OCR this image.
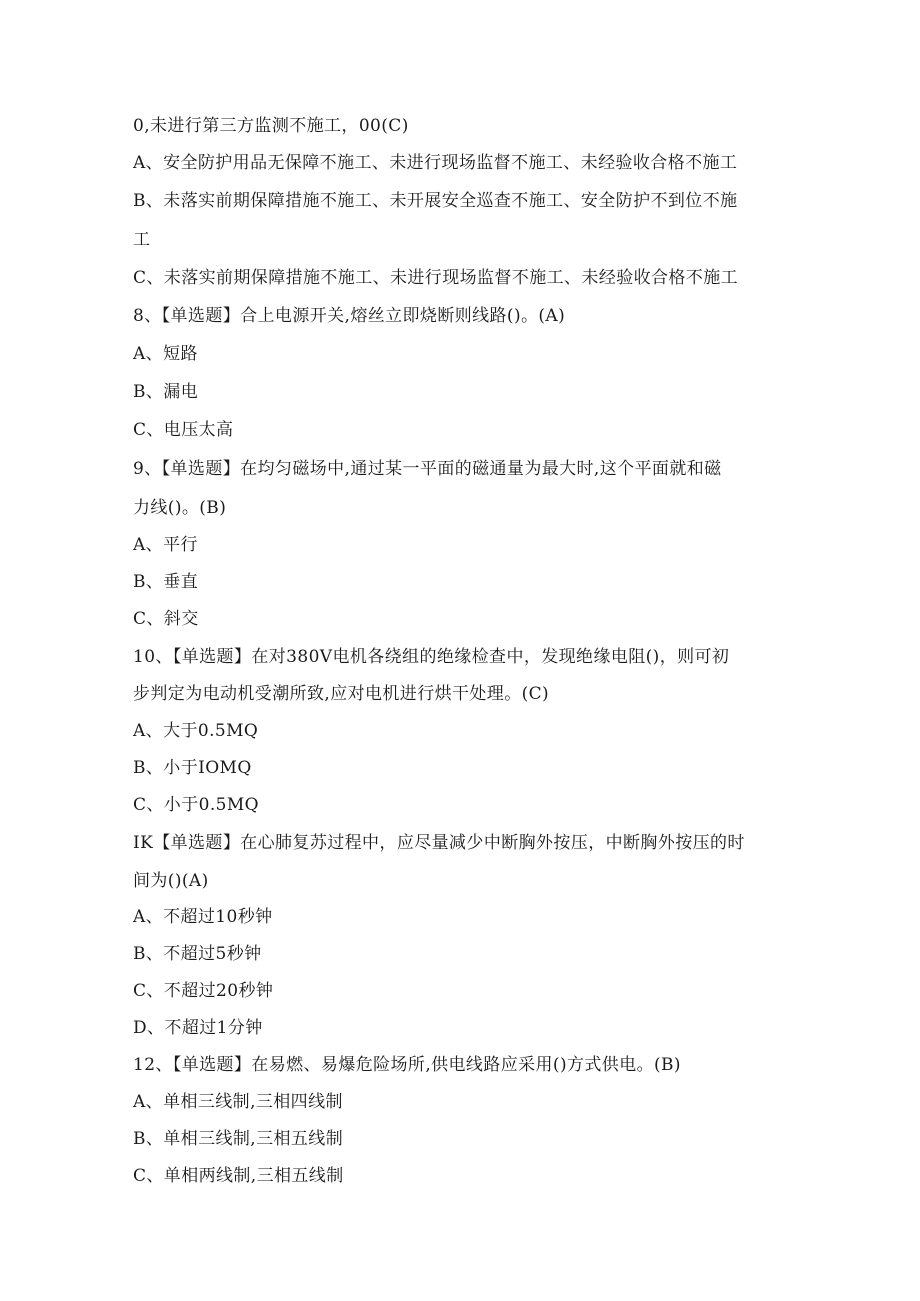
0,未进行第三方监测不施工，00(C)
A、安全防护用品无保障不施工、未进行现场监督不施工、未经验收合格不施工
B、未落实前期保障措施不施工、未开展安全巡查不施工、安全防护不到位不施
工
C、未落实前期保障措施不施工、未进行现场监督不施工、未经验收合格不施工
8、【单选题】合上电源开关,熔丝立即烧断则线路()。(A)
A、短路
B、漏电
C、电压太高
9、【单选题】在均匀磁场中,通过某一平面的磁通量为最大时,这个平面就和磁
力线()。(B)
A、平行
B、垂直
C、斜交
10、【单选题】在对380V电机各绕组的绝缘检查中，发现绝缘电阻()，则可初
步判定为电动机受潮所致,应对电机进行烘干处理。(C)
A、大于0.5MQ
B、小于IOMQ
C、小于0.5MQ
IK【单选题】在心肺复苏过程中，应尽量减少中断胸外按压，中断胸外按压的时
间为()(A)
A、不超过10秒钟
B、不超过5秒钟
C、不超过20秒钟
D、不超过1分钟
12、【单选题】在易燃、易爆危险场所,供电线路应采用()方式供电。(B)
A、单相三线制,三相四线制
B、单相三线制,三相五线制
C、单相两线制,三相五线制
